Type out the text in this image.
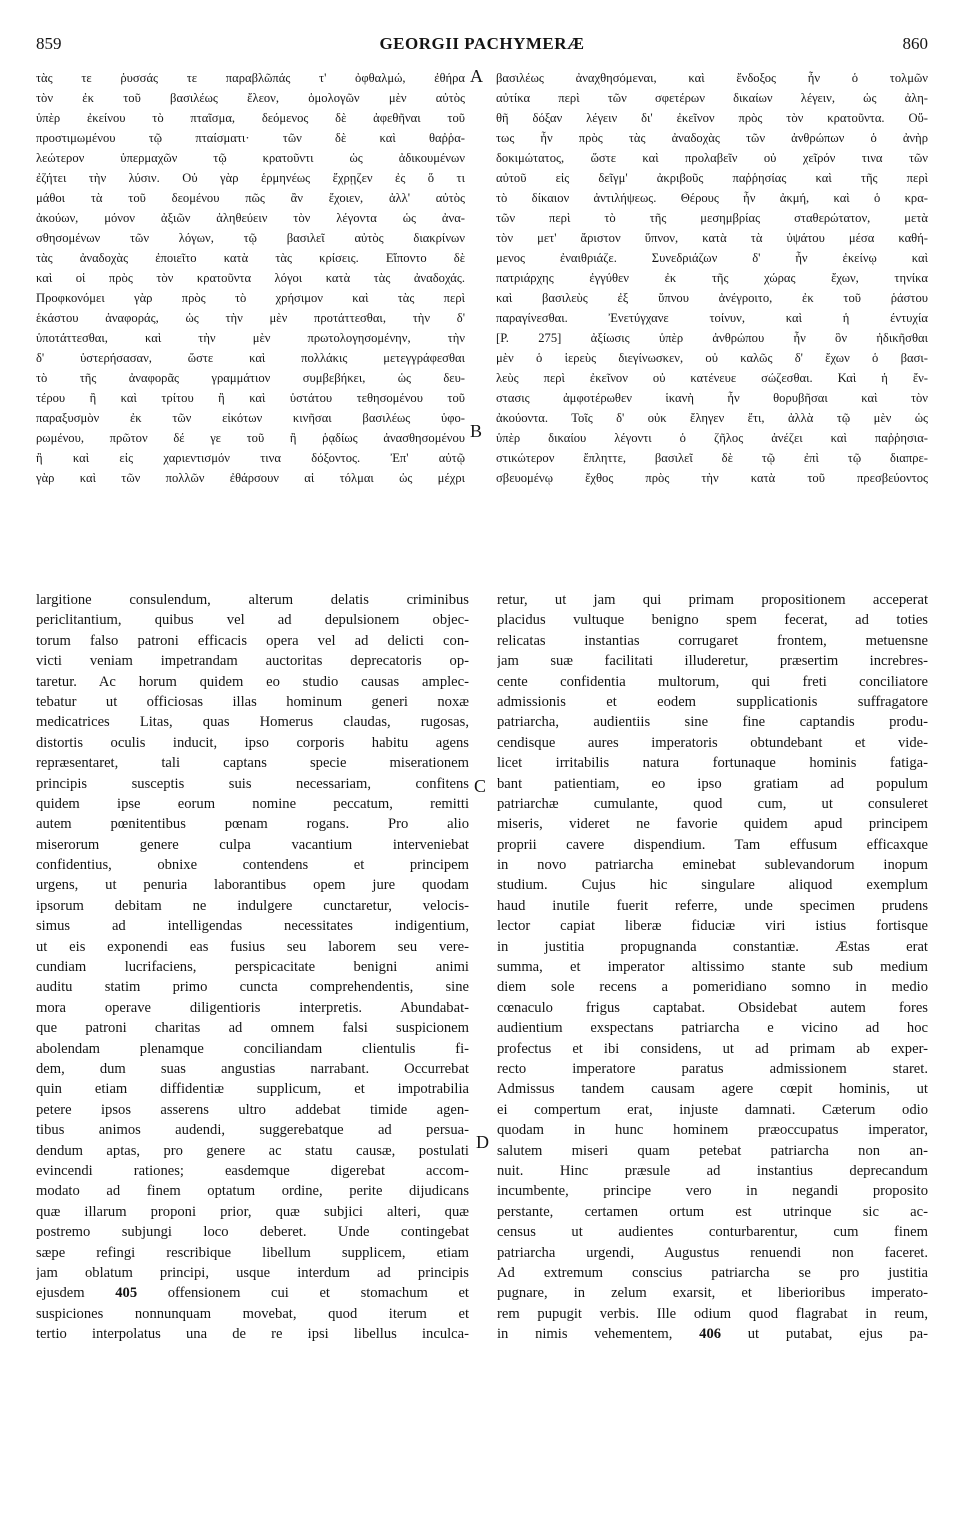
859	GEORGII PACHYMERÆ	860
τὰς τε ῥυσσάς τε παραβλῶπάς τ' ὀφθαλμώ, ἐθήρα
τὸν ἐκ τοῦ βασιλέως ἔλεον, ὁμολογῶν μὲν αὐτὸς
ὑπὲρ ἐκείνου τὸ πταῖσμα, δεόμενος δὲ ἀφεθῆναι τοῦ
προστιμωμένου τῷ πταίσματι· τῶν δὲ καὶ θαῤῥα-
λεώτερον ὑπερμαχῶν τῷ κρατοῦντι ὡς ἀδικουμένων
ἐζήτει τὴν λύσιν. Οὐ γὰρ ἑρμηνέως ἔχρῃζεν ἐς ὅ τι
μάθοι τὰ τοῦ δεομένου πῶς ἂν ἔχοιεν, ἀλλ' αὐτὸς
ἀκούων, μόνον ἀξιῶν ἀληθεύειν τὸν λέγοντα ὡς ἀνα-
σθησομένων τῶν λόγων, τῷ βασιλεῖ αὐτὸς διακρίνων
τὰς ἀναδοχὰς ἐποιεῖτο κατὰ τὰς κρίσεις. Εἵποντο δὲ
καὶ οἱ πρὸς τὸν κρατοῦντα λόγοι κατὰ τὰς ἀναδοχάς.
Προφκονόμει γὰρ πρὸς τὸ χρήσιμον καὶ τὰς περὶ
ἑκάστου ἀναφοράς, ὡς τὴν μὲν προτάττεσθαι, τὴν δ'
ὑποτάττεσθαι, καὶ τὴν μὲν πρωτολογησομένην, τὴν
δ' ὑστερήσασαν, ὥστε καὶ πολλάκις μετεγγράφεσθαι
τὸ τῆς ἀναφορᾶς γραμμάτιον συμβεβήκει, ὡς δευ-
τέρου ἢ καὶ τρίτου ἢ καὶ ὑστάτου τεθησομένου τοῦ
παραξυσμὸν ἐκ τῶν εἰκότων κινῆσαι βασιλέως ὑφο-
ρωμένου, πρῶτον δέ γε τοῦ ἢ ῥᾳδίως ἀνασθησομένου
ἢ καὶ εἰς χαριεντισμόν τινα δόξοντος. Ἐπ' αὐτῷ
γὰρ καὶ τῶν πολλῶν ἐθάρσουν αἱ τόλμαι ὡς μέχρι
βασιλέως ἀναχθησόμεναι, καὶ ἔνδοξος ἦν ὁ τολμῶν
αὐτίκα περὶ τῶν σφετέρων δικαίων λέγειν, ὡς ἀλη-
θῆ δόξαν λέγειν δι' ἐκεῖνον πρὸς τὸν κρατοῦντα. Οὕ-
τως ἦν πρὸς τὰς ἀναδοχὰς τῶν ἀνθρώπων ὁ ἀνὴρ
δοκιμώτατος, ὥστε καὶ προλαβεῖν οὐ χεῖρόν τινα τῶν
αὐτοῦ εἰς δεῖγμ' ἀκριβοῦς παῤῥησίας καὶ τῆς περὶ
τὸ δίκαιον ἀντιλήψεως. Θέρους ἦν ἀκμή, καὶ ὁ κρα-
τῶν περὶ τὸ τῆς μεσημβρίας σταθερώτατον, μετὰ
τὸν μετ' ἄριστον ὕπνον, κατὰ τὰ ὑψάτου μέσα καθή-
μενος ἐναιθριάζε. Συνεδριάζων δ' ἦν ἐκείνῳ καὶ
πατριάρχης ἐγγύθεν ἐκ τῆς χώρας ἔχων, τηνίκα
καὶ βασιλεὺς ἐξ ὕπνου ἀνέγροιτο, ἐκ τοῦ ῥάστου
παραγίνεσθαι. Ἐνετύγχανε τοίνυν, καὶ ἡ έντυχία
[P. 275] ἀξίωσις ὑπὲρ ἀνθρώπου ἦν ὃν ἠδικῆσθαι
μὲν ὁ ἱερεὺς διεγίνωσκεν, οὐ καλῶς δ' ἔχων ὁ βασι-
λεὺς περὶ ἐκεῖνον οὐ κατένευε σώζεσθαι. Καὶ ἡ ἔν-
στασις ἀμφοτέρωθεν ἱκανὴ ἦν θορυβῆσαι καὶ τὸν
ἀκούοντα. Τοῖς δ' οὐκ ἔληγεν ἔτι, ἀλλὰ τῷ μὲν ὡς
ὑπὲρ δικαίου λέγοντι ὁ ζῆλος ἀνέζει καὶ παῤῥησια-
στικώτερον ἔπληττε, βασιλεῖ δὲ τῷ ἐπὶ τῷ διαπρε-
σβευομένῳ ἔχθος πρὸς τὴν κατὰ τοῦ πρεσβεύοντος
A
B
C
D
largitione consulendum, alterum delatis criminibus
periclitantium, quibus vel ad depulsionem objec-
torum falso patroni efficacis opera vel ad delicti con-
victi veniam impetrandam auctoritas deprecatoris op-
taretur. Ac horum quidem eo studio causas amplec-
tebatur ut officiosas illas hominum generi noxæ
medicatrices Litas, quas Homerus claudas, rugosas,
distortis oculis inducit, ipso corporis habitu agens
repræsentaret, tali captans specie miserationem
principis susceptis suis necessariam, confitens
quidem ipse eorum nomine peccatum, remitti
autem pœnitentibus pœnam rogans. Pro alio
miserorum genere culpa vacantium interveniebat
confidentius, obnixe contendens et principem
urgens, ut penuria laborantibus opem jure quodam
ipsorum debitam ne indulgere cunctaretur, velocis-
simus ad intelligendas necessitates indigentium,
ut eis exponendi eas fusius seu laborem seu vere-
cundiam lucrifaciens, perspicacitate benigni animi
auditu statim primo cuncta comprehendentis, sine
mora operave diligentioris interpretis. Abundabat-
que patroni charitas ad omnem falsi suspicionem
abolendam plenamque conciliandam clientulis fi-
dem, dum suas angustias narrabant. Occurrebat
quin etiam diffidentiæ supplicum, et impotrabilia
petere ipsos asserens ultro addebat timide agen-
tibus animos audendi, suggerebatque ad persua-
dendum aptas, pro genere ac statu causæ, postulati
evincendi rationes; easdemque digerebat accom-
modato ad finem optatum ordine, perite dijudicans
quæ illarum proponi prior, quæ subjici alteri, quæ
postremo subjungi loco deberet. Unde contingebat
sæpe refingi rescribique libellum supplicem, etiam
jam oblatum principi, usque interdum ad principis
ejusdem 405 offensionem cui et stomachum et
suspiciones nonnunquam movebat, quod iterum et
tertio interpolatus una de re ipsi libellus inculca-
retur, ut jam qui primam propositionem acceperat
placidus vultuque benigno spem fecerat, ad toties
relicatas instantias corrugaret frontem, metuensne
jam suæ facilitati illuderetur, præsertim increbres-
cente confidentia multorum, qui freti conciliatore
admissionis et eodem supplicationis suffragatore
patriarcha, audientiis sine fine captandis produ-
cendisque aures imperatoris obtundebant et vide-
licet irritabilis natura fortunaque hominis fatiga-
bant patientiam, eo ipso gratiam ad populum
patriarchæ cumulante, quod cum, ut consuleret
miseris, videret ne favorie quidem apud principem
proprii cavere dispendium. Tam effusum efficaxque
in novo patriarcha eminebat sublevandorum inopum
studium. Cujus hic singulare aliquod exemplum
haud inutile fuerit referre, unde specimen prudens
lector capiat liberæ fiduciæ viri istius fortisque
in justitia propugnanda constantiæ. Æstas erat
summa, et imperator altissimo stante sub medium
diem sole recens a pomeridiano somno in medio
cœnaculo frigus captabat. Obsidebat autem fores
audientium exspectans patriarcha e vicino ad hoc
profectus et ibi considens, ut ad primam ab exper-
recto imperatore paratus admissionem staret.
Admissus tandem causam agere cœpit hominis, ut
ei compertum erat, injuste damnati. Cæterum odio
quodam in hunc hominem præoccupatus imperator,
salutem miseri quam petebat patriarcha non an-
nuit. Hinc præsule ad instantius deprecandum
incumbente, principe vero in negandi proposito
perstante, certamen ortum est utrinque sic ac-
census ut audientes conturbarentur, cum finem
patriarcha urgendi, Augustus renuendi non faceret.
Ad extremum conscius patriarcha se pro justitia
pugnare, in zelum exarsit, et liberioribus imperato-
rem pupugit verbis. Ille odium quod flagrabat in reum,
in nimis vehementem, 406 ut putabat, ejus pa-
